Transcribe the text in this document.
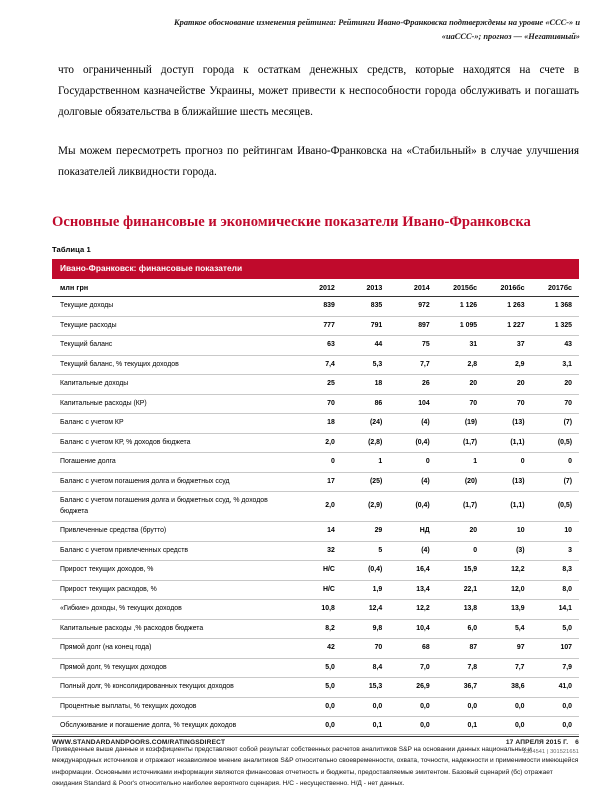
Краткое обоснование изменения рейтинга: Рейтинги Ивано-Франковска подтверждены на уровне «ССС-» и
«uaCCC-»; прогноз — «Негативный»

что ограниченный доступ города к остаткам денежных средств, которые находятся на счете в Государственном казначействе Украины, может привести к неспособности города обслуживать и погашать долговые обязательства в ближайшие шесть месяцев.

Мы можем пересмотреть прогноз по рейтингам Ивано-Франковска на «Стабильный» в случае улучшения показателей ликвидности города.

Основные финансовые и экономические показатели Ивано-Франковска
Таблица 1
Ивано-Франковск: финансовые показатели
млн грн	2012	2013	2014	2015бс	2016бс	2017бс
Текущие доходы	839	835	972	1 126	1 263	1 368
Текущие расходы	777	791	897	1 095	1 227	1 325
Текущий баланс	63	44	75	31	37	43
Текущий баланс, % текущих доходов	7,4	5,3	7,7	2,8	2,9	3,1
Капитальные доходы	25	18	26	20	20	20
Капитальные расходы (КР)	70	86	104	70	70	70
Баланс с учетом КР	18	(24)	(4)	(19)	(13)	(7)
Баланс с учетом КР, % доходов бюджета	2,0	(2,8)	(0,4)	(1,7)	(1,1)	(0,5)
Погашение долга	0	1	0	1	0	0
Баланс с учетом погашения долга и бюджетных ссуд	17	(25)	(4)	(20)	(13)	(7)
Баланс с учетом погашения долга и бюджетных ссуд, % доходов бюджета	2,0	(2,9)	(0,4)	(1,7)	(1,1)	(0,5)
Привлеченные средства (брутто)	14	29	НД	20	10	10
Баланс с учетом привлеченных средств	32	5	(4)	0	(3)	3
Прирост текущих доходов, %	Н/С	(0,4)	16,4	15,9	12,2	8,3
Прирост текущих расходов, %	Н/С	1,9	13,4	22,1	12,0	8,0
«Гибкие» доходы, % текущих доходов	10,8	12,4	12,2	13,8	13,9	14,1
Капитальные расходы ,% расходов бюджета	8,2	9,8	10,4	6,0	5,4	5,0
Прямой долг (на конец года)	42	70	68	87	97	107
Прямой долг, % текущих доходов	5,0	8,4	7,0	7,8	7,7	7,9
Полный долг, % консолидированных текущих доходов	5,0	15,3	26,9	36,7	38,6	41,0
Процентные выплаты, % текущих доходов	0,0	0,0	0,0	0,0	0,0	0,0
Обслуживание и погашение долга, % текущих доходов	0,0	0,1	0,0	0,1	0,0	0,0
Приведенные выше данные и коэффициенты представляют собой результат собственных расчетов аналитиков S&P на основании данных национальных и международных источников и отражают независимое мнение аналитиков S&P относительно своевременности, охвата, точности, надежности и применимости имеющейся информации. Основными источниками информации являются финансовая отчетность и бюджеты, предоставляемые эмитентом. Базовый сценарий (бс) отражает ожидания Standard & Poor's относительно наиболее вероятного сценария. Н/С - несущественно. Н/Д - нет данных.
WWW.STANDARDANDPOORS.COM/RATINGSDIRECT	17 АПРЕЛЯ 2015 Г. 6
1394541 | 301521651
